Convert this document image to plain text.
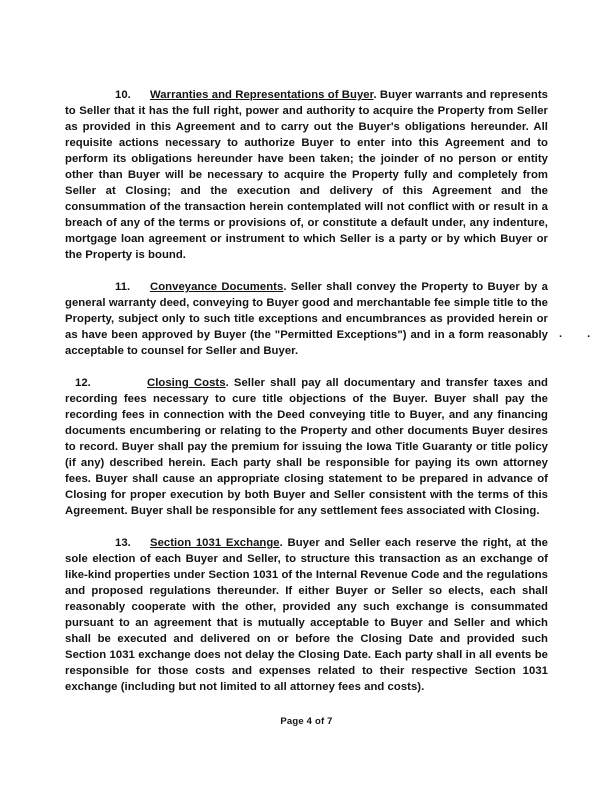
10. Warranties and Representations of Buyer. Buyer warrants and represents to Seller that it has the full right, power and authority to acquire the Property from Seller as provided in this Agreement and to carry out the Buyer's obligations hereunder. All requisite actions necessary to authorize Buyer to enter into this Agreement and to perform its obligations hereunder have been taken; the joinder of no person or entity other than Buyer will be necessary to acquire the Property fully and completely from Seller at Closing; and the execution and delivery of this Agreement and the consummation of the transaction herein contemplated will not conflict with or result in a breach of any of the terms or provisions of, or constitute a default under, any indenture, mortgage loan agreement or instrument to which Seller is a party or by which Buyer or the Property is bound.

11. Conveyance Documents. Seller shall convey the Property to Buyer by a general warranty deed, conveying to Buyer good and merchantable fee simple title to the Property, subject only to such title exceptions and encumbrances as provided herein or as have been approved by Buyer (the "Permitted Exceptions") and in a form reasonably acceptable to counsel for Seller and Buyer.

12.	Closing Costs. Seller shall pay all documentary and transfer taxes and recording fees necessary to cure title objections of the Buyer. Buyer shall pay the recording fees in connection with the Deed conveying title to Buyer, and any financing documents encumbering or relating to the Property and other documents Buyer desires to record. Buyer shall pay the premium for issuing the Iowa Title Guaranty or title policy (if any) described herein. Each party shall be responsible for paying its own attorney fees. Buyer shall cause an appropriate closing statement to be prepared in advance of Closing for proper execution by both Buyer and Seller consistent with the terms of this Agreement. Buyer shall be responsible for any settlement fees associated with Closing.

13. Section 1031 Exchange. Buyer and Seller each reserve the right, at the sole election of each Buyer and Seller, to structure this transaction as an exchange of like-kind properties under Section 1031 of the Internal Revenue Code and the regulations and proposed regulations thereunder. If either Buyer or Seller so elects, each shall reasonably cooperate with the other, provided any such exchange is consummated pursuant to an agreement that is mutually acceptable to Buyer and Seller and which shall be executed and delivered on or before the Closing Date and provided such Section 1031 exchange does not delay the Closing Date. Each party shall in all events be responsible for those costs and expenses related to their respective Section 1031 exchange (including but not limited to all attorney fees and costs).

. .
Page 4 of 7
